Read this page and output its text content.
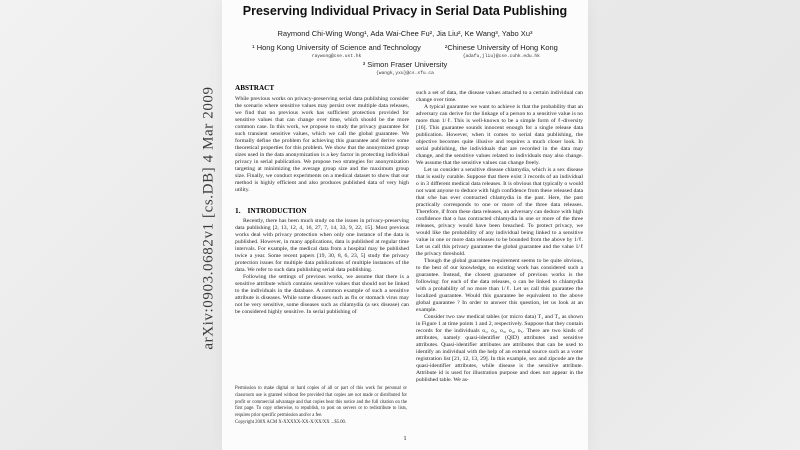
arXiv:0903.0682v1 [cs.DB] 4 Mar 2009
Preserving Individual Privacy in Serial Data Publishing
Raymond Chi-Wing Wong¹, Ada Wai-Chee Fu², Jia Liu², Ke Wang³, Yabo Xu³
¹ Hong Kong University of Science and Technology
raywong@cse.ust.hk
²Chinese University of Hong Kong
{adafu,jliu}@cse.cuhk.edu.hk
³ Simon Fraser University
{wangk,yxu}@cs.sfu.ca
ABSTRACT

While previous works on privacy-preserving serial data publishing consider the scenario where sensitive values may persist over multiple data releases, we find that no previous work has sufficient protection provided for sensitive values that can change over time, which should be the more common case. In this work, we propose to study the privacy guarantee for such transient sensitive values, which we call the global guarantee. We formally define the problem for achieving this guarantee and derive some theoretical properties for this problem. We show that the anonymized group sizes used in the data anonymization is a key factor in protecting individual privacy in serial publication. We propose two strategies for anonymization targeting at minimizing the average group size and the maximum group size. Finally, we conduct experiments on a medical dataset to show that our method is highly efficient and also produces published data of very high utility.

1. INTRODUCTION

Recently, there has been much study on the issues in privacy-preserving data publishing [2, 13, 12, 4, 16, 27, 7, 14, 33, 9, 22, 15]. Most previous works deal with privacy protection when only one instance of the data is published. However, in many applications, data is published at regular time intervals. For example, the medical data from a hospital may be published twice a year. Some recent papers [19, 30, 8, 6, 23, 5] study the privacy protection issues for multiple data publications of multiple instances of the data. We refer to such data publishing serial data publishing.

Following the settings of previous works, we assume that there is a sensitive attribute which contains sensitive values that should not be linked to the individuals in the database. A common example of such a sensitive attribute is diseases. While some diseases such as flu or stomach virus may not be very sensitive, some diseases such as chlamydia (a sex disease) can be considered highly sensitive. In serial publishing of

such a set of data, the disease values attached to a certain individual can change over time.

A typical guarantee we want to achieve is that the probability that an adversary can derive for the linkage of a person to a sensitive value is no more than 1/ℓ. This is well-known to be a simple form of ℓ-diversity [16]. This guarantee sounds innocent enough for a single release data publication. However, when it comes to serial data publishing, the objective becomes quite illusive and requires a much closer look. In serial publishing, the individuals that are recorded in the data may change, and the sensitive values related to individuals may also change. We assume that the sensitive values can change freely.

Let us consider a sensitive disease chlamydia, which is a sex disease that is easily curable. Suppose that there exist 3 records of an individual o in 3 different medical data releases. It is obvious that typically o would not want anyone to deduce with high confidence from these released data that s/he has ever contracted chlamydia in the past. Here, the past practically corresponds to one or more of the three data releases. Therefore, if from these data releases, an adversary can deduce with high confidence that o has contracted chlamydia in one or more of the three releases, privacy would have been breached. To protect privacy, we would like the probability of any individual being linked to a sensitive value in one or more data releases to be bounded from the above by 1/ℓ. Let us call this privacy guarantee the global guarantee and the value 1/ℓ the privacy threshold.

Though the global guarantee requirement seems to be quite obvious, to the best of our knowledge, no existing work has considered such a guarantee. Instead, the closest guarantee of previous works is the following: for each of the data releases, o can be linked to chlamydia with a probability of no more than 1/ℓ. Let us call this guarantee the localized guarantee. Would this guarantee be equivalent to the above global guarantee ? In order to answer this question, let us look at an example.

Consider two raw medical tables (or micro data) T₁ and T₂ as shown in Figure 1 at time points 1 and 2, respectively. Suppose that they contain records for the individuals o₁, o₂, o₃, o₄, o₅. There are two kinds of attributes, namely quasi-identifier (QID) attributes and sensitive attributes. Quasi-identifier attributes are attributes that can be used to identify an individual with the help of an external source such as a voter registration list [21, 12, 13, 29]. In this example, sex and zipcode are the quasi-identifier attributes, while disease is the sensitive attribute. Attribute id is used for illustration purpose and does not appear in the published table. We as-

Permission to make digital or hard copies of all or part of this work for personal or classroom use is granted without fee provided that copies are not made or distributed for profit or commercial advantage and that copies bear this notice and the full citation on the first page. To copy otherwise, to republish, to post on servers or to redistribute to lists, requires prior specific permission and/or a fee.

Copyright 200X ACM X-XXXXX-XX-X/XX/XX ...$5.00.

1
